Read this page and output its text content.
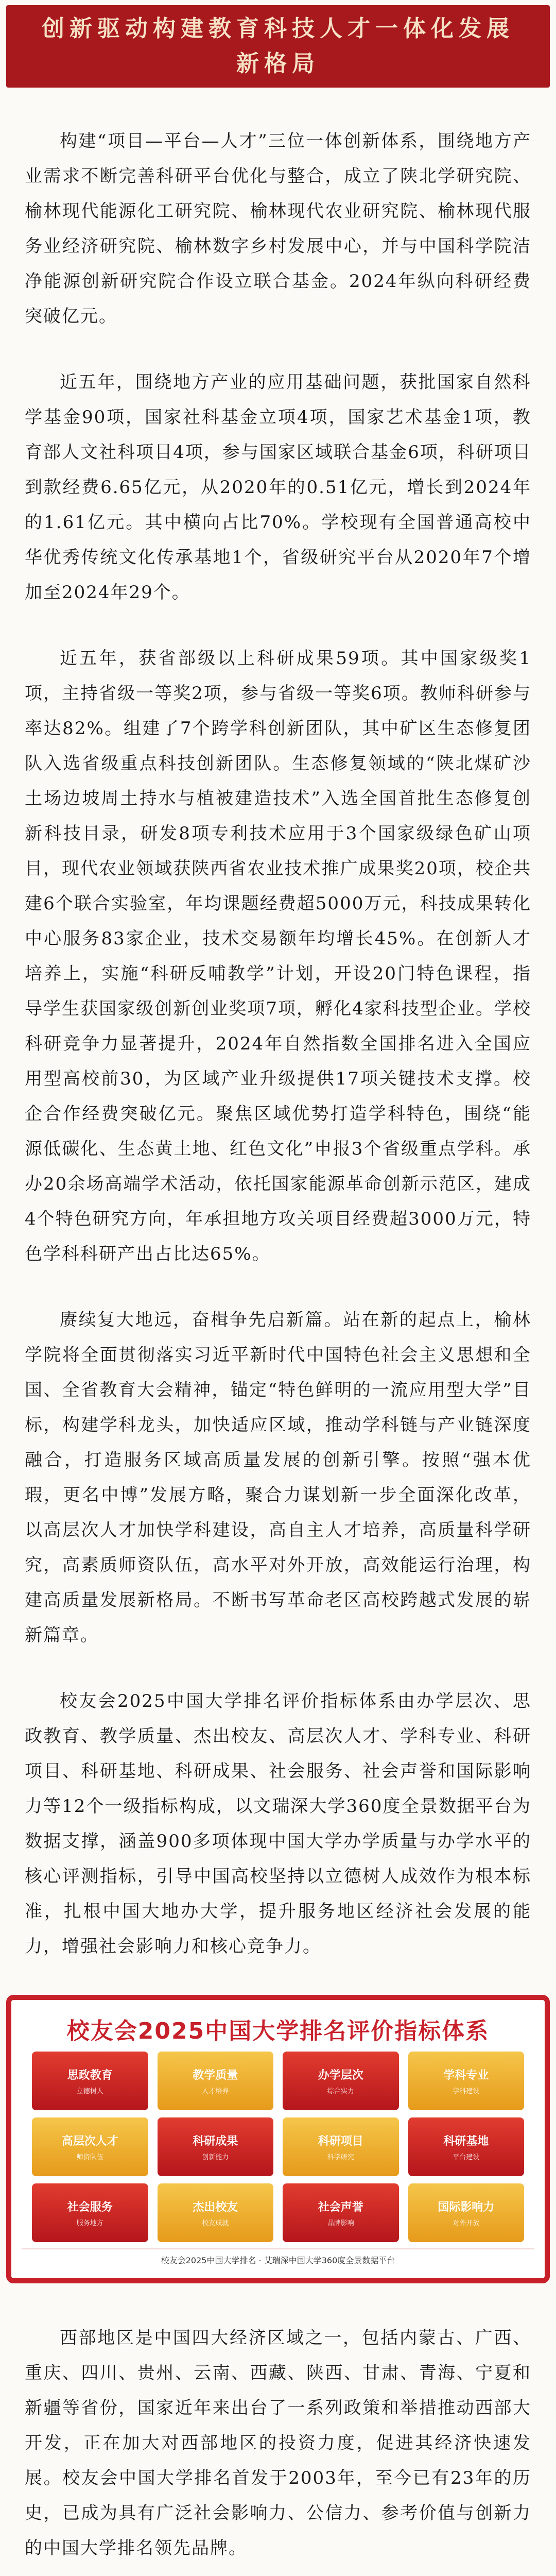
创新驱动构建教育科技人才一体化发展新格局

构建“项目—平台—人才”三位一体创新体系，围绕地方产业需求不断完善科研平台优化与整合，成立了陕北学研究院、榆林现代能源化工研究院、榆林现代农业研究院、榆林现代服务业经济研究院、榆林数字乡村发展中心，并与中国科学院洁净能源创新研究院合作设立联合基金。2024年纵向科研经费突破亿元。

近五年，围绕地方产业的应用基础问题，获批国家自然科学基金90项，国家社科基金立项4项，国家艺术基金1项，教育部人文社科项目4项，参与国家区域联合基金6项，科研项目到款经费6.65亿元，从2020年的0.51亿元，增长到2024年的1.61亿元。其中横向占比70%。学校现有全国普通高校中华优秀传统文化传承基地1个，省级研究平台从2020年7个增加至2024年29个。

近五年，获省部级以上科研成果59项。其中国家级奖1项，主持省级一等奖2项，参与省级一等奖6项。教师科研参与率达82%。组建了7个跨学科创新团队，其中矿区生态修复团队入选省级重点科技创新团队。生态修复领域的“陕北煤矿沙土场边坡周土持水与植被建造技术”入选全国首批生态修复创新科技目录，研发8项专利技术应用于3个国家级绿色矿山项目，现代农业领域获陕西省农业技术推广成果奖20项，校企共建6个联合实验室，年均课题经费超5000万元，科技成果转化中心服务83家企业，技术交易额年均增长45%。在创新人才培养上，实施“科研反哺教学”计划，开设20门特色课程，指导学生获国家级创新创业奖项7项，孵化4家科技型企业。学校科研竞争力显著提升，2024年自然指数全国排名进入全国应用型高校前30，为区域产业升级提供17项关键技术支撑。校企合作经费突破亿元。聚焦区域优势打造学科特色，围绕“能源低碳化、生态黄土地、红色文化”申报3个省级重点学科。承办20余场高端学术活动，依托国家能源革命创新示范区，建成4个特色研究方向，年承担地方攻关项目经费超3000万元，特色学科科研产出占比达65%。

赓续复大地远，奋楫争先启新篇。站在新的起点上，榆林学院将全面贯彻落实习近平新时代中国特色社会主义思想和全国、全省教育大会精神，锚定“特色鲜明的一流应用型大学”目标，构建学科龙头，加快适应区域，推动学科链与产业链深度融合，打造服务区域高质量发展的创新引擎。按照“强本优瑕，更名中博”发展方略，聚合力谋划新一步全面深化改革，以高层次人才加快学科建设，高自主人才培养，高质量科学研究，高素质师资队伍，高水平对外开放，高效能运行治理，构建高质量发展新格局。不断书写革命老区高校跨越式发展的崭新篇章。

校友会2025中国大学排名评价指标体系由办学层次、思政教育、教学质量、杰出校友、高层次人才、学科专业、科研项目、科研基地、科研成果、社会服务、社会声誉和国际影响力等12个一级指标构成，以文瑞深大学360度全景数据平台为数据支撑，涵盖900多项体现中国大学办学质量与办学水平的核心评测指标，引导中国高校坚持以立德树人成效作为根本标准，扎根中国大地办大学，提升服务地区经济社会发展的能力，增强社会影响力和核心竞争力。

校友会2025中国大学排名评价指标体系
思政教育
立德树人
教学质量
人才培养
办学层次
综合实力
学科专业
学科建设
高层次人才
师资队伍
科研成果
创新能力
科研项目
科学研究
科研基地
平台建设
社会服务
服务地方
杰出校友
校友成就
社会声誉
品牌影响
国际影响力
对外开放
校友会2025中国大学排名 · 艾瑞深中国大学360度全景数据平台

西部地区是中国四大经济区域之一，包括内蒙古、广西、重庆、四川、贵州、云南、西藏、陕西、甘肃、青海、宁夏和新疆等省份，国家近年来出台了一系列政策和举措推动西部大开发，正在加大对西部地区的投资力度，促进其经济快速发展。校友会中国大学排名首发于2003年，至今已有23年的历史，已成为具有广泛社会影响力、公信力、参考价值与创新力的中国大学排名领先品牌。
